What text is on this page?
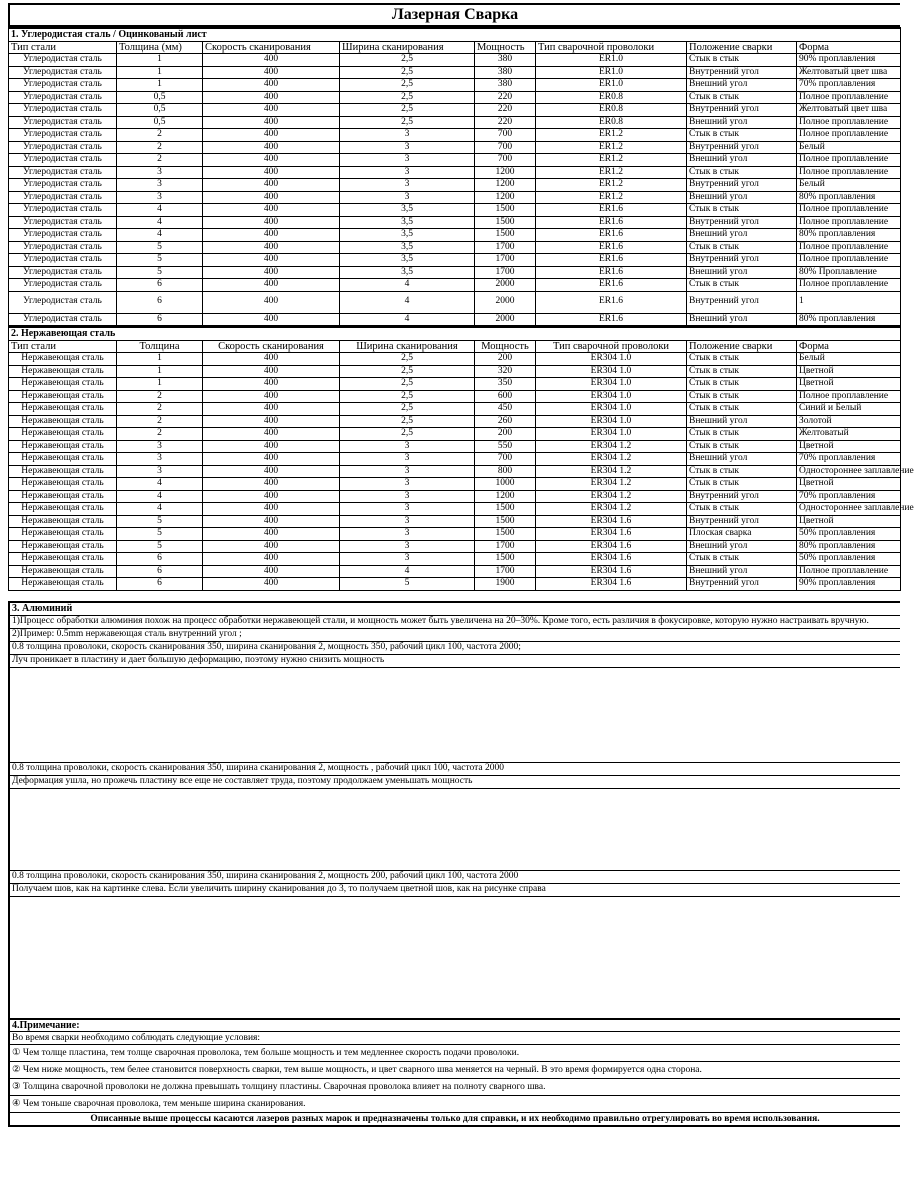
Лазерная Сварка
1. Углеродистая сталь / Оцинкованый лист							
Тип стали	Толщина (мм)	Скорость сканирования	Ширина сканирования	Мощность	Тип сварочной проволоки	Положение сварки	Форма
Углеродистая сталь	1	400	2,5	380	ER1.0	Стык в стык	90% проплавления
Углеродистая сталь	1	400	2,5	380	ER1.0	Внутренний угол	Желтоватый цвет шва
Углеродистая сталь	1	400	2,5	380	ER1.0	Внешний угол	70% проплавления
Углеродистая сталь	0,5	400	2,5	220	ER0.8	Стык в стык	Полное проплавление
Углеродистая сталь	0,5	400	2,5	220	ER0.8	Внутренний угол	Желтоватый цвет шва
Углеродистая сталь	0,5	400	2,5	220	ER0.8	Внешний угол	Полное проплавление
Углеродистая сталь	2	400	3	700	ER1.2	Стык в стык	Полное проплавление
Углеродистая сталь	2	400	3	700	ER1.2	Внутренний угол	Белый
Углеродистая сталь	2	400	3	700	ER1.2	Внешний угол	Полное проплавление
Углеродистая сталь	3	400	3	1200	ER1.2	Стык в стык	Полное проплавление
Углеродистая сталь	3	400	3	1200	ER1.2	Внутренний угол	Белый
Углеродистая сталь	3	400	3	1200	ER1.2	Внешний угол	80% проплавления
Углеродистая сталь	4	400	3,5	1500	ER1.6	Стык в стык	Полное проплавление
Углеродистая сталь	4	400	3,5	1500	ER1.6	Внутренний угол	Полное проплавление
Углеродистая сталь	4	400	3,5	1500	ER1.6	Внешний угол	80% проплавления
Углеродистая сталь	5	400	3,5	1700	ER1.6	Стык в стык	Полное проплавление
Углеродистая сталь	5	400	3,5	1700	ER1.6	Внутренний угол	Полное проплавление
Углеродистая сталь	5	400	3,5	1700	ER1.6	Внешний угол	80% Проплавление
Углеродистая сталь	6	400	4	2000	ER1.6	Стык в стык	Полное проплавление
Углеродистая сталь	6	400	4	2000	ER1.6	Внутренний угол	1
Углеродистая сталь	6	400	4	2000	ER1.6	Внешний угол	80% проплавления
2. Нержавеющая сталь							
Тип стали	Толщина	Скорость сканирования	Ширина сканирования	Мощность	Тип сварочной проволоки	Положение сварки	Форма
Нержавеющая сталь	1	400	2,5	200	ER304 1.0	Стык в стык	Белый
Нержавеющая сталь	1	400	2,5	320	ER304 1.0	Стык в стык	Цветной
Нержавеющая сталь	1	400	2,5	350	ER304 1.0	Стык в стык	Цветной
Нержавеющая сталь	2	400	2,5	600	ER304 1.0	Стык в стык	Полное проплавление
Нержавеющая сталь	2	400	2,5	450	ER304 1.0	Стык в стык	Синий и Белый
Нержавеющая сталь	2	400	2,5	260	ER304 1.0	Внешний угол	Золотой
Нержавеющая сталь	2	400	2,5	200	ER304 1.0	Стык в стык	Желтоватый
Нержавеющая сталь	3	400	3	550	ER304 1.2	Стык в стык	Цветной
Нержавеющая сталь	3	400	3	700	ER304 1.2	Внешний угол	70% проплавления
Нержавеющая сталь	3	400	3	800	ER304 1.2	Стык в стык	Одностороннее заплавление
Нержавеющая сталь	4	400	3	1000	ER304 1.2	Стык в стык	Цветной
Нержавеющая сталь	4	400	3	1200	ER304 1.2	Внутренний угол	70% проплавления
Нержавеющая сталь	4	400	3	1500	ER304 1.2	Стык в стык	Одностороннее заплавление
Нержавеющая сталь	5	400	3	1500	ER304 1.6	Внутренний угол	Цветной
Нержавеющая сталь	5	400	3	1500	ER304 1.6	Плоская сварка	50% проплавления
Нержавеющая сталь	5	400	3	1700	ER304 1.6	Внешний угол	80% проплавления
Нержавеющая сталь	6	400	3	1500	ER304 1.6	Стык в стык	50% проплавления
Нержавеющая сталь	6	400	4	1700	ER304 1.6	Внешний угол	Полное проплавление
Нержавеющая сталь	6	400	5	1900	ER304 1.6	Внутренний угол	90% проплавления
3. Алюминий
1)Процесс обработки алюминия похож на процесс обработки нержавеющей стали, и мощность может быть увеличена на 20–30%. Кроме того, есть различия в фокусировке, которую нужно настраивать вручную.
2)Пример: 0.5mm нержавеющая сталь внутренний угол ;
0.8 толщина проволоки, скорость сканирования 350, ширина сканирования 2, мощность 350, рабочий цикл 100, частота 2000;
Луч проникает в пластину и дает большую деформацию, поэтому нужно снизить мощность
0.8 толщина проволоки, скорость сканирования 350, ширина сканирования 2, мощность , рабочий цикл 100, частота 2000
Деформация ушла, но прожечь пластину все еще не составляет труда, поэтому продолжаем уменьшать мощность
0.8 толщина проволоки, скорость сканирования 350, ширина сканирования 2, мощность 200, рабочий цикл 100, частота 2000
Получаем шов, как на картинке слева. Если увеличить ширину сканирования до 3, то получаем цветной шов, как на рисунке справа
4.Примечание:
Во время сварки необходимо соблюдать следующие условия:
① Чем толще пластина, тем толще сварочная проволока, тем больше мощность и тем медленнее скорость подачи проволоки.
② Чем ниже мощность, тем белее становится поверхность сварки, тем выше мощность, и цвет сварного шва меняется на черный. В это время формируется одна сторона.
③ Толщина сварочной проволоки не должна превышать толщину пластины. Сварочная проволока влияет на полноту сварного шва.
④ Чем тоньше сварочная проволока, тем меньше ширина сканирования.
Описанные выше процессы касаются лазеров разных марок и предназначены только для справки, и их необходимо правильно отрегулировать во время использования.
